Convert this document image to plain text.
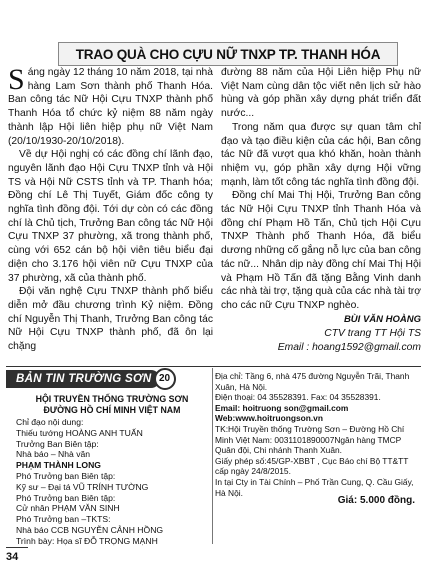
TRAO QUÀ CHO CỰU NỮ TNXP TP. THANH HÓA

Sáng ngày 12 tháng 10 năm 2018, tại nhà hàng Lam Sơn thành phố Thanh Hóa. Ban công tác Nữ Hội Cựu TNXP thành phố Thanh Hóa tổ chức kỷ niệm 88 năm ngày thành lập Hội liên hiệp phụ nữ Việt Nam (20/10/1930-20/10/2018).

Về dự Hội nghị có các đồng chí lãnh đạo, nguyên lãnh đạo Hội Cựu TNXP tỉnh và Hội TS và Hội Nữ CSTS tỉnh và TP. Thanh hóa; Đồng chí Lê Thị Tuyết, Giám đốc công ty nghĩa tình đồng đội. Tới dự còn có các đồng chí là Chủ tịch, Trưởng Ban công tác Nữ Hội Cựu TNXP 37 phường, xã trong thành phố, cùng với 652 cán bộ hội viên tiêu biểu đại diện cho 3.176 hội viên nữ Cựu TNXP của 37 phường, xã của thành phố.

Đội văn nghệ Cựu TNXP thành phố biểu diễn mở đầu chương trình Kỷ niệm. Đồng chí Nguyễn Thị Thanh, Trưởng Ban công tác Nữ Hội Cựu TNXP thành phố, đã ôn lại chặng

đường 88 năm của Hội Liên hiệp Phụ nữ Việt Nam cùng dân tộc viết nên lịch sử hào hùng và góp phần xây dựng phát triển đất nước...

Trong năm qua được sự quan tâm chỉ đạo và tạo điều kiện của các hội, Ban công tác Nữ đã vượt qua khó khăn, hoàn thành nhiệm vụ, góp phần xây dựng Hội vững mạnh, làm tốt công tác nghĩa tình đồng đội.

Đồng chí Mai Thị Hội, Trưởng Ban công tác Nữ Hội Cựu TNXP tỉnh Thanh Hóa và đồng chí Phạm Hồ Tấn, Chủ tịch Hội Cựu TNXP Thành phố Thanh Hóa, đã biểu dương những cố gắng nỗ lực của ban công tác nữ... Nhân dịp này đồng chí Mai Thị Hội và Phạm Hồ Tấn đã tặng Bằng Vinh danh các nhà tài trợ, tặng quà của các nhà tài trợ cho các nữ Cựu TNXP nghèo.

BÙI VĂN HOÀNG
CTV trang TT Hội TS
Email : hoang1592@gmail.com
BẢN TIN TRƯỜNG SƠN 20
HỘI TRUYỀN THỐNG TRƯỜNG SƠN
ĐƯỜNG HỒ CHÍ MINH VIỆT NAM
Chỉ đạo nội dung:
Thiếu tướng HOÀNG ANH TUẤN
Trưởng Ban Biên tập:
Nhà báo – Nhà văn
PHẠM THÀNH LONG
Phó Trưởng ban Biên tập:
Kỹ sư – Đại tá VŨ TRÍNH TƯỜNG
Phó Trưởng ban Biên tập:
Cử nhân PHẠM VĂN SINH
Phó Trưởng ban –TKTS:
Nhà báo CCB NGUYỄN CẢNH HỒNG
Trình bày: Họa sĩ ĐỖ TRỌNG MẠNH
Địa chỉ: Tầng 6, nhà 475 đường Nguyễn Trãi, Thanh Xuân, Hà Nội.
Điện thoại: 04 35528391. Fax: 04 35528391.
Email: hoitruong son@gmail.com
Web:www.hoitruongson.vn
TK:Hội Truyền thống Trường Sơn – Đường Hồ Chí Minh Việt Nam: 0031101890007Ngân hàng TMCP Quân đội, Chi nhánh Thanh Xuân.
Giấy phép số:45/GP-XBBT , Cục Báo chí Bộ TT&TT cấp ngày 24/8/2015.
In tại Cty in Tài Chính – Phố Trần Cung, Q. Cầu Giấy, Hà Nội.
Giá: 5.000 đồng.
34
